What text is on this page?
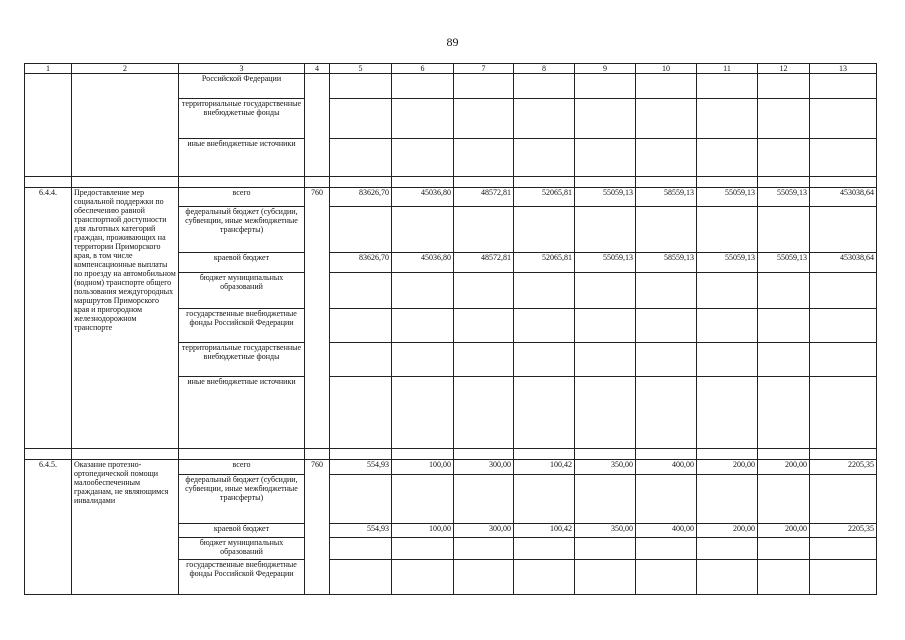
89
1	2	3	4	5	6	7	8	9	10	11	12	13
		Российской Федерации										
		территориальные государственные внебюджетные фонды										
		иные внебюджетные источники										

6.4.4.	Предоставление мер социальной поддержки по обеспечению равной транспортной доступности для льготных категорий граждан, проживающих на территории Приморского края, в том числе компенсационные выплаты по проезду на автомобильном (водном) транспорте общего пользования междугородных маршрутов Приморского края и пригородном железнодорожном транспорте	всего	760	83626,70	45036,80	48572,81	52065,81	55059,13	58559,13	55059,13	55059,13	453038,64
		федеральный бюджет (субсидии, субвенции, иные межбюджетные трансферты)										
		краевой бюджет		83626,70	45036,80	48572,81	52065,81	55059,13	58559,13	55059,13	55059,13	453038,64
		бюджет муниципальных образований										
		государственные внебюджетные фонды Российской Федерации										
		территориальные государственные внебюджетные фонды										
		иные внебюджетные источники										

6.4.5.	Оказание протезно-ортопедической помощи малообеспеченным гражданам, не являющимся инвалидами	всего	760	554,93	100,00	300,00	100,42	350,00	400,00	200,00	200,00	2205,35
		федеральный бюджет (субсидии, субвенции, иные межбюджетные трансферты)										
		краевой бюджет		554,93	100,00	300,00	100,42	350,00	400,00	200,00	200,00	2205,35
		бюджет муниципальных образований										
		государственные внебюджетные фонды Российской Федерации										
